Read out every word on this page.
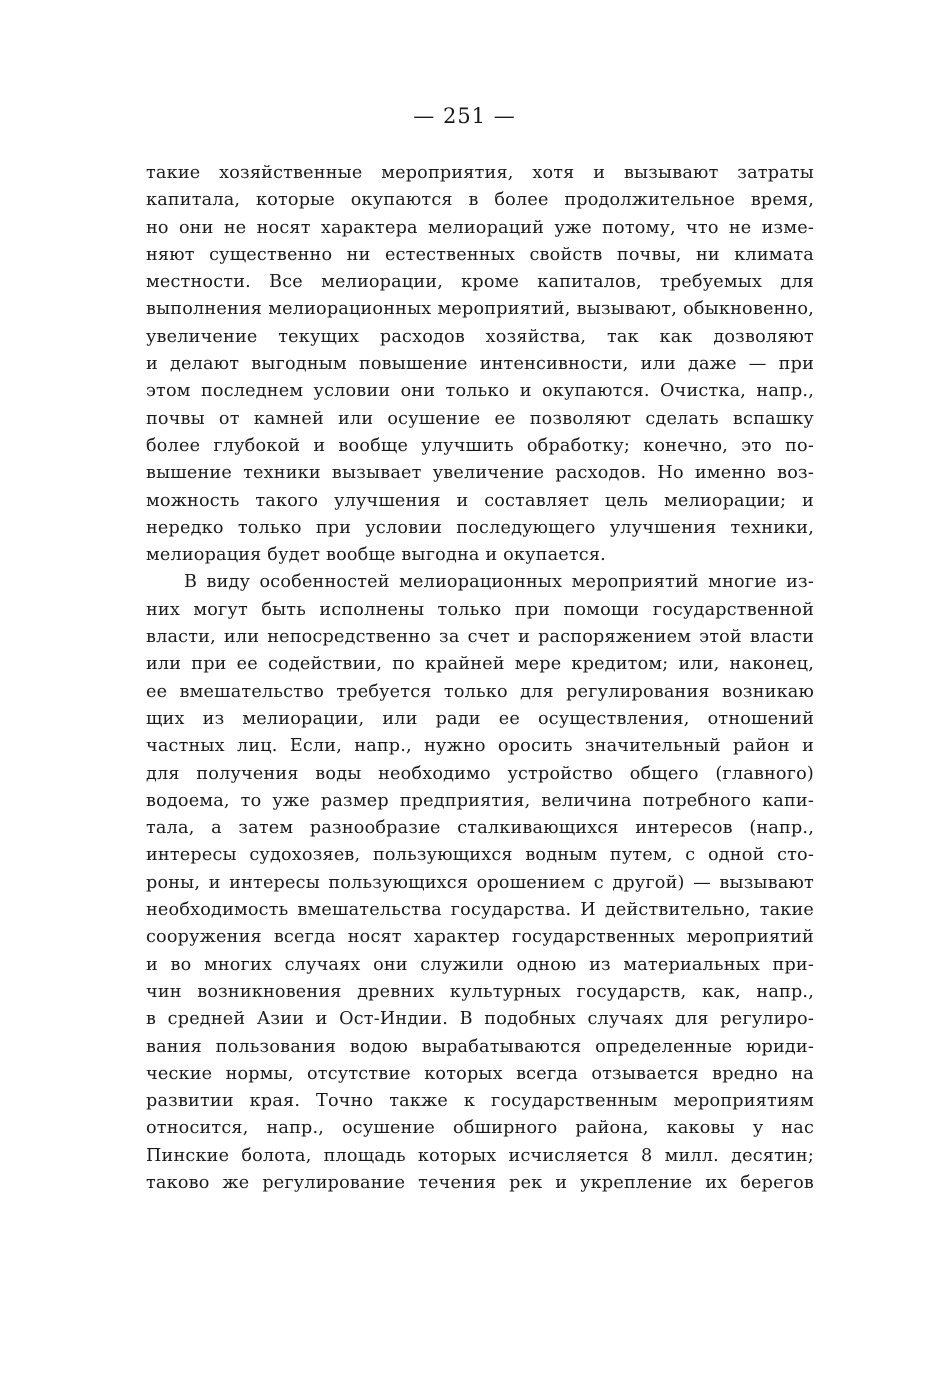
— 251 —
такие хозяйственные мероприятия, хотя и вызывают затраты
капитала, которые окупаются в более продолжительное время,
но они не носят характера мелиораций уже потому, что не изме-
няют существенно ни естественных свойств почвы, ни климата
местности. Все мелиорации, кроме капиталов, требуемых для
выполнения мелиорационных мероприятий, вызывают, обыкновенно,
увеличение текущих расходов хозяйства, так как дозволяют
и делают выгодным повышение интенсивности, или даже — при
этом последнем условии они только и окупаются. Очистка, напр.,
почвы от камней или осушение ее позволяют сделать вспашку
более глубокой и вообще улучшить обработку; конечно, это по-
вышение техники вызывает увеличение расходов. Но именно воз-
можность такого улучшения и составляет цель мелиорации; и
нередко только при условии последующего улучшения техники,
мелиорация будет вообще выгодна и окупается.
В виду особенностей мелиорационных мероприятий многие из-
них могут быть исполнены только при помощи государственной
власти, или непосредственно за счет и распоряжением этой власти
или при ее содействии, по крайней мере кредитом; или, наконец,
ее вмешательство требуется только для регулирования возникаю
щих из мелиорации, или ради ее осуществления, отношений
частных лиц. Если, напр., нужно оросить значительный район и
для получения воды необходимо устройство общего (главного)
водоема, то уже размер предприятия, величина потребного капи-
тала, а затем разнообразие сталкивающихся интересов (напр.,
интересы судохозяев, пользующихся водным путем, с одной сто-
роны, и интересы пользующихся орошением с другой) — вызывают
необходимость вмешательства государства. И действительно, такие
сооружения всегда носят характер государственных мероприятий
и во многих случаях они служили одною из материальных при-
чин возникновения древних культурных государств, как, напр.,
в средней Азии и Ост-Индии. В подобных случаях для регулиро-
вания пользования водою вырабатываются определенные юриди-
ческие нормы, отсутствие которых всегда отзывается вредно на
развитии края. Точно также к государственным мероприятиям
относится, напр., осушение обширного района, каковы у нас
Пинские болота, площадь которых исчисляется 8 милл. десятин;
таково же регулирование течения рек и укрепление их берегов
